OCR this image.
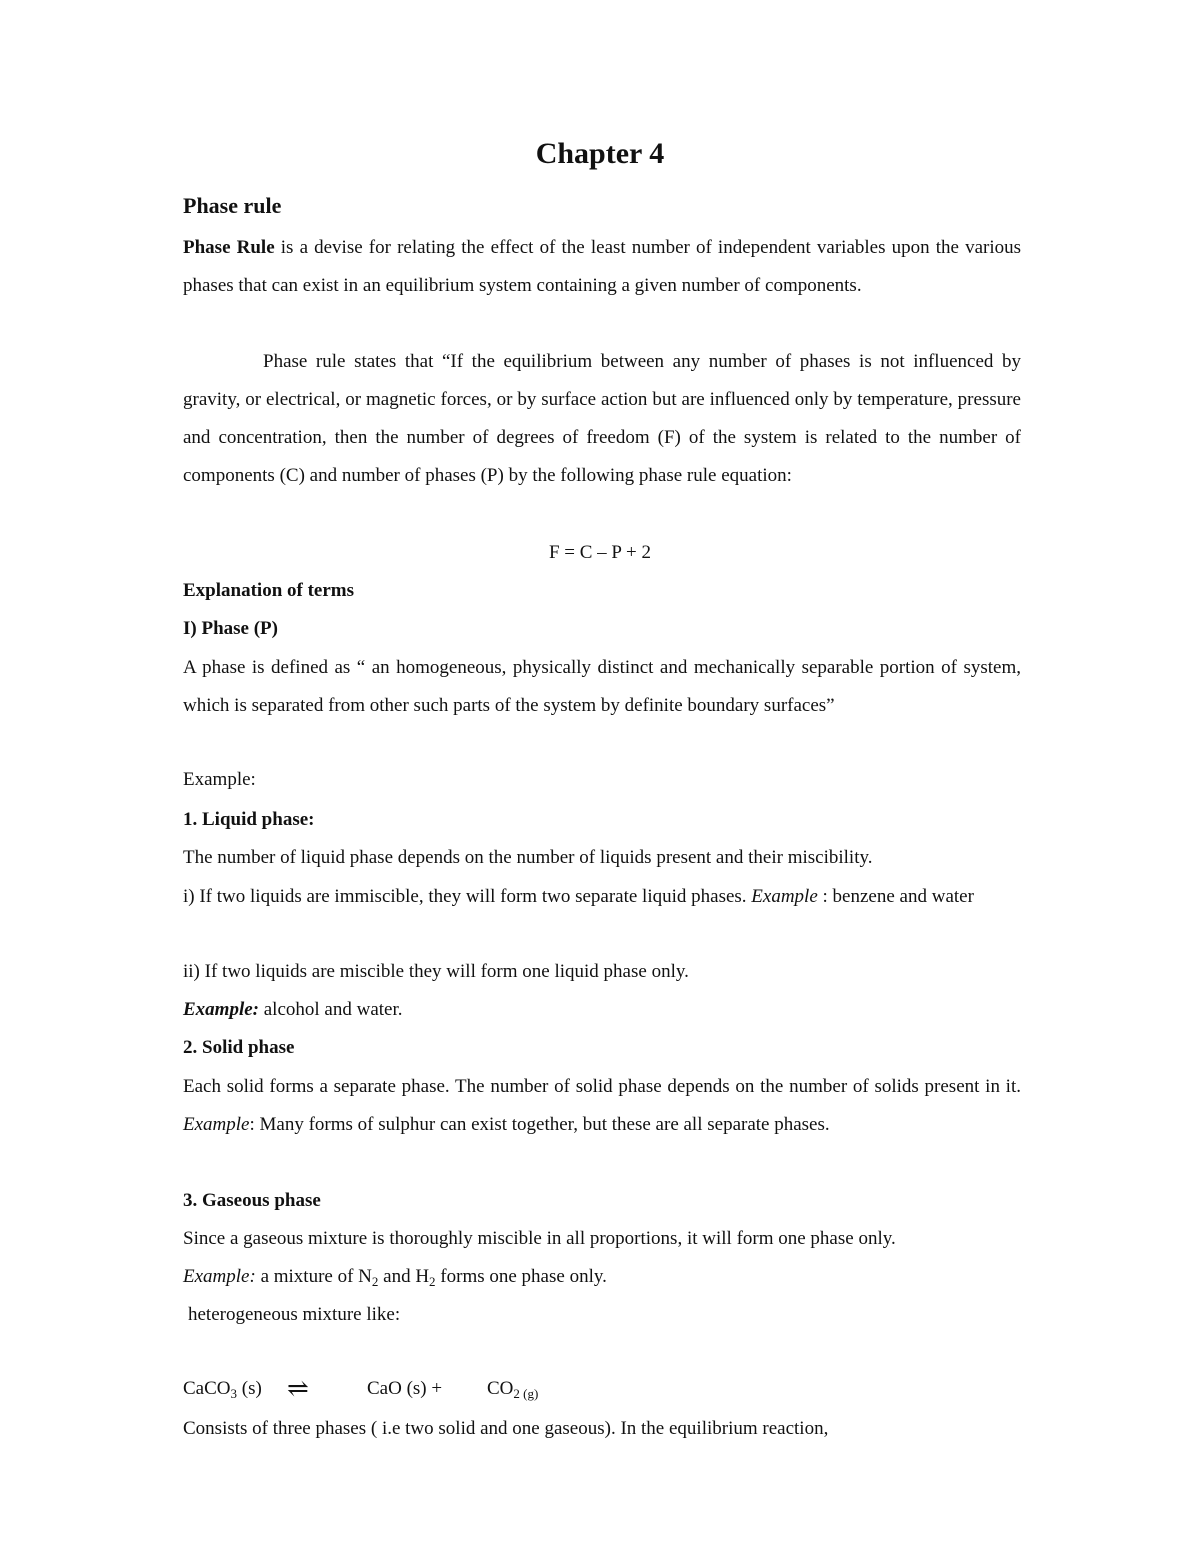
Chapter 4
Phase rule

Phase Rule is a devise for relating the effect of the least number of independent variables upon the various phases that can exist in an equilibrium system containing a given number of components.

Phase rule states that “If the equilibrium between any number of phases is not influenced by gravity, or electrical, or magnetic forces, or by surface action but are influenced only by temperature, pressure and concentration, then the number of degrees of freedom (F) of the system is related to the number of components (C) and number of phases (P) by the following phase rule equation:

F = C – P + 2
Explanation of terms
I) Phase (P)

A phase is defined as “ an homogeneous, physically distinct and mechanically separable portion of system, which is separated from other such parts of the system by definite boundary surfaces”

Example:
1. Liquid phase:
The number of liquid phase depends on the number of liquids present and their miscibility.

i) If two liquids are immiscible, they will form two separate liquid phases. Example : benzene and water

ii) If two liquids are miscible they will form one liquid phase only.
Example: alcohol and water.
2. Solid phase

Each solid forms a separate phase. The number of solid phase depends on the number of solids present in it. Example: Many forms of sulphur can exist together, but these are all separate phases.

3. Gaseous phase
Since a gaseous mixture is thoroughly miscible in all proportions, it will form one phase only.
Example: a mixture of $N_2$ and $H_2$ forms one phase only.
heterogeneous mixture like:
CaCO$_3$ (s) ⇌	CaO $(s) + CO_{2 (g)}$
Consists of three phases ( i.e two solid and one gaseous). In the equilibrium reaction,
